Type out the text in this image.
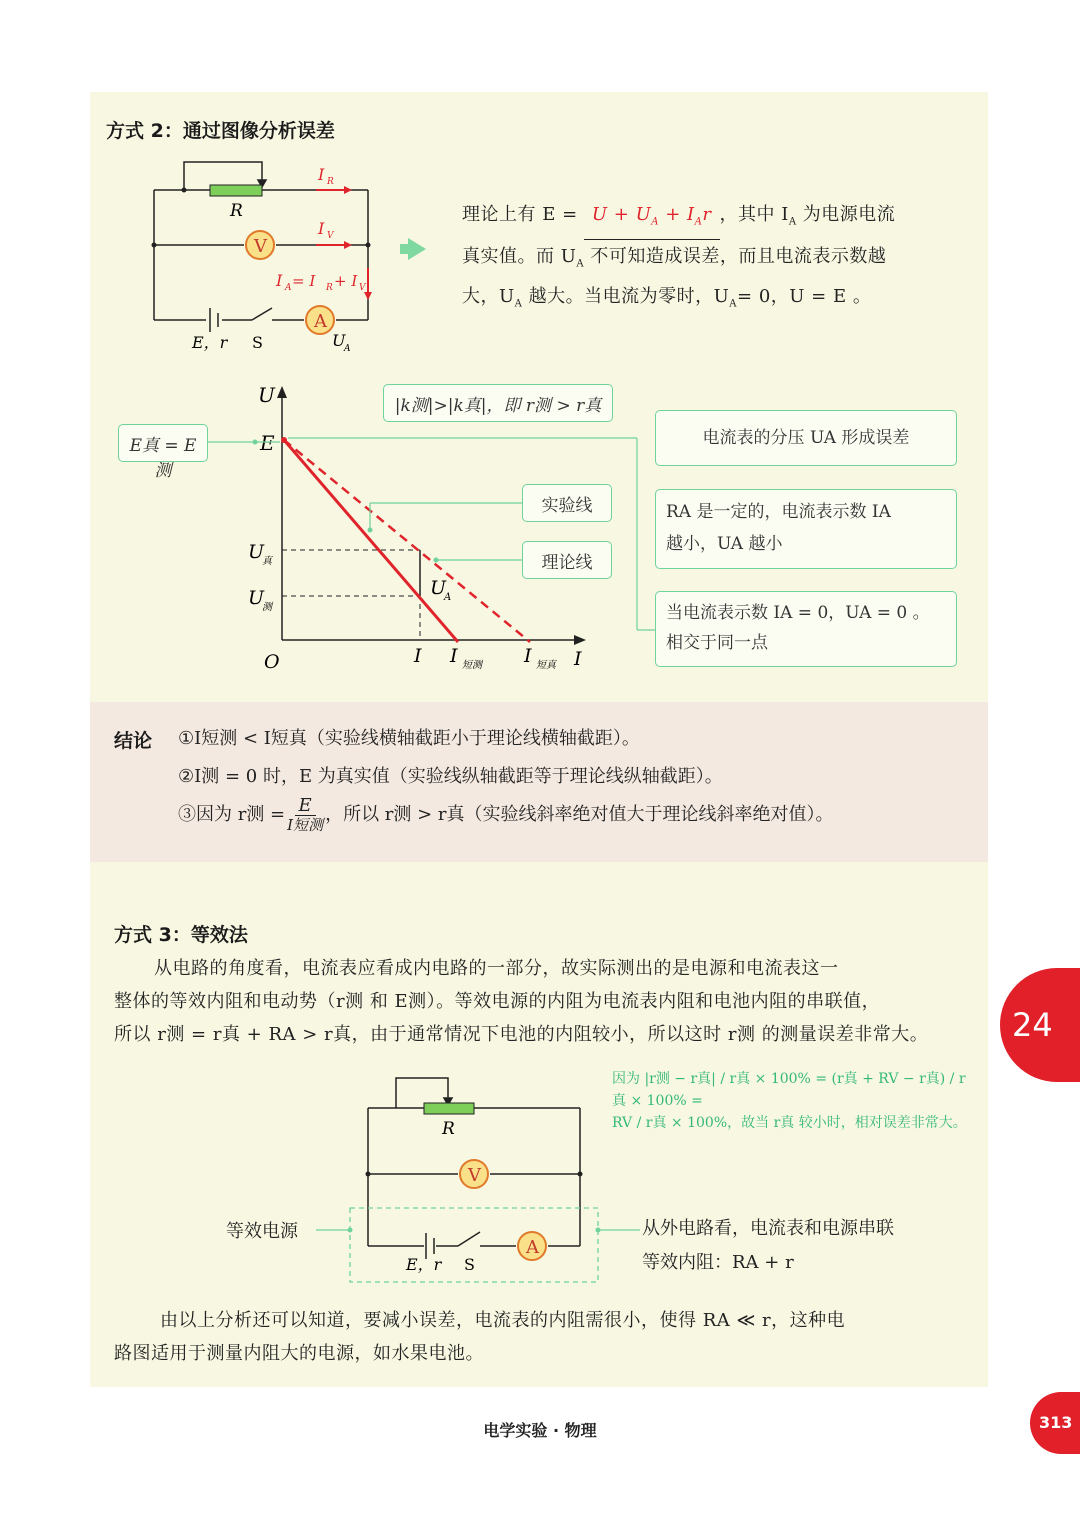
方式 2：通过图像分析误差
R
I R
I V
I A = I R + I V
E，r	U
A
V
A
S
理论上有 $E = U + U_A + I_Ar$ ，其中 $I_A$ 为电源电流
真实值。而 $U_A$ 不可知造成误差，而且电流表示数越
大，$U_A$ 越大。当电流为零时，$U_A= 0$，U = E 。
U
E
U
真
U
测
U
A
O	I I 短测 I 短真 I
E真 = E测
|k测|>|k真|，即 r测 > r真
实验线
理论线
电流表的分压 UA 形成误差
RA 是一定的，电流表示数 IA
越小，UA 越小
当电流表示数 IA = 0，UA = 0 。
相交于同一点
结论 ①I短测 < I短真（实验线横轴截距小于理论线横轴截距）。
②I测 = 0 时，E 为真实值（实验线纵轴截距等于理论线纵轴截距）。
③因为 r测 = E
I短测 ，所以 r测 > r真（实验线斜率绝对值大于理论线斜率绝对值）。
方式 3：等效法
从电路的角度看，电流表应看成内电路的一部分，故实际测出的是电源和电流表这一
整体的等效内阻和电动势（r测 和 E测）。等效电源的内阻为电流表内阻和电池内阻的串联值，
所以 r测 = r真 + RA > r真，由于通常情况下电池的内阻较小，所以这时 r测 的测量误差非常大。
因为 |r测 − r真| / r真 × 100% = (r真 + RV − r真) / r真 × 100% =
RV / r真 × 100%，故当 r真 较小时，相对误差非常大。
R
V
A
E，r S
等效电源	从外电路看，电流表和电源串联
等效内阻：RA + r
由以上分析还可以知道，要减小误差，电流表的内阻需很小，使得 RA ≪ r，这种电
路图适用于测量内阻大的电源，如水果电池。
电学实验 · 物理
24
313
